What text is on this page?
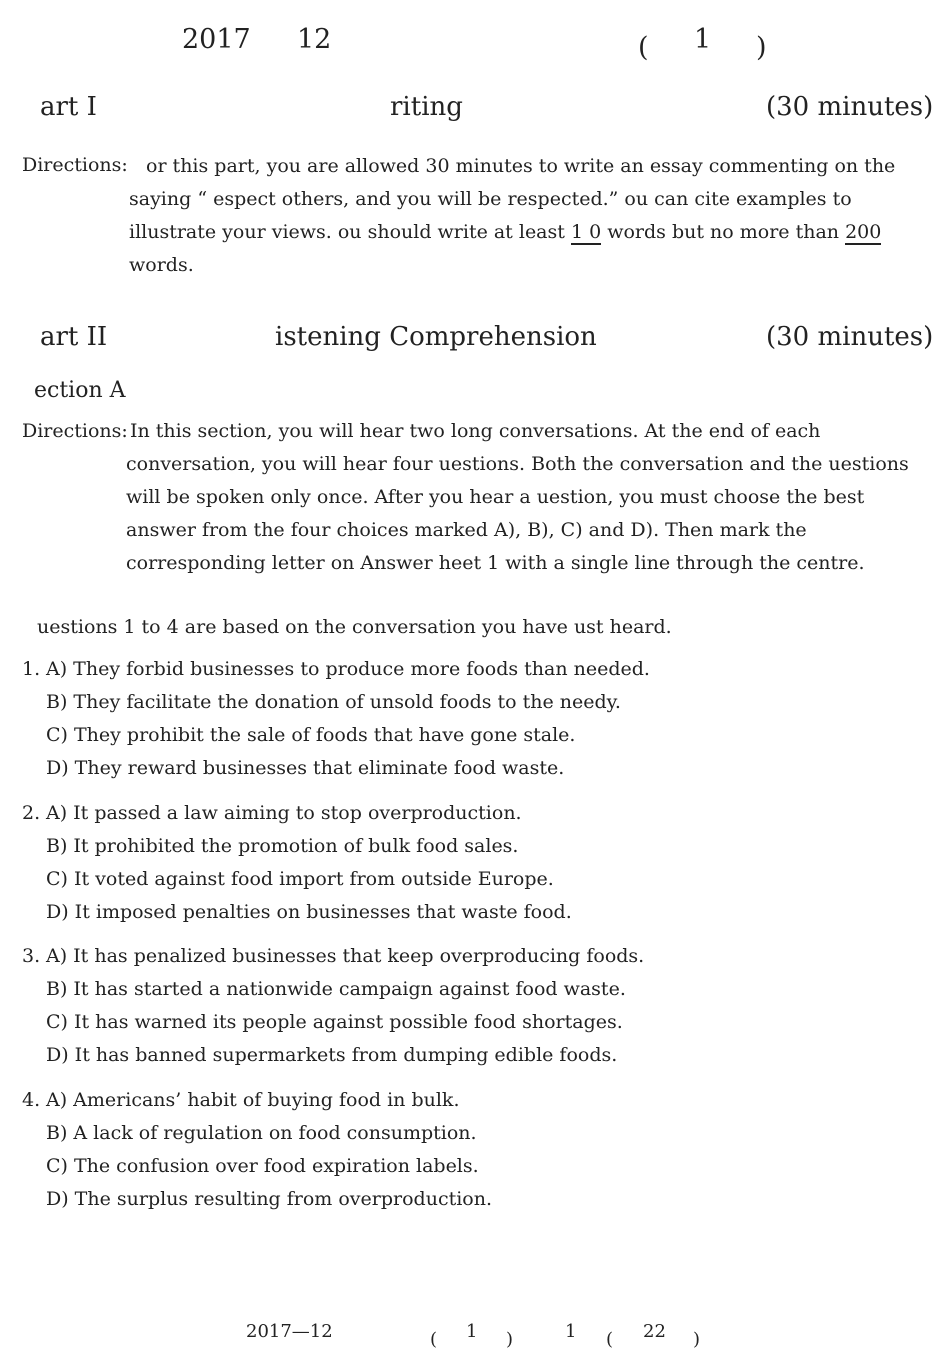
2017 12	( 1 )
art I	riting	(30 minutes)
Directions: or this part, you are allowed 30 minutes to write an essay commenting on the
saying “ espect others, and you will be respected.” ou can cite examples to
illustrate your views. ou should write at least 1 0 words but no more than 200
words.
art II	istening Comprehension	(30 minutes)
ection A
Directions: In this section, you will hear two long conversations. At the end of each
conversation, you will hear four uestions. Both the conversation and the uestions
will be spoken only once. After you hear a uestion, you must choose the best
answer from the four choices marked A), B), C) and D). Then mark the
corresponding letter on Answer heet 1 with a single line through the centre.
uestions 1 to 4 are based on the conversation you have ust heard.
1. A) They forbid businesses to produce more foods than needed.
B) They facilitate the donation of unsold foods to the needy.
C) They prohibit the sale of foods that have gone stale.
D) They reward businesses that eliminate food waste.
2. A) It passed a law aiming to stop overproduction.
B) It prohibited the promotion of bulk food sales.
C) It voted against food import from outside Europe.
D) It imposed penalties on businesses that waste food.
3. A) It has penalized businesses that keep overproducing foods.
B) It has started a nationwide campaign against food waste.
C) It has warned its people against possible food shortages.
D) It has banned supermarkets from dumping edible foods.
4. A) Americans’ habit of buying food in bulk.
B) A lack of regulation on food consumption.
C) The confusion over food expiration labels.
D) The surplus resulting from overproduction.
2017—12	( 1 )	1 ( 22 )
